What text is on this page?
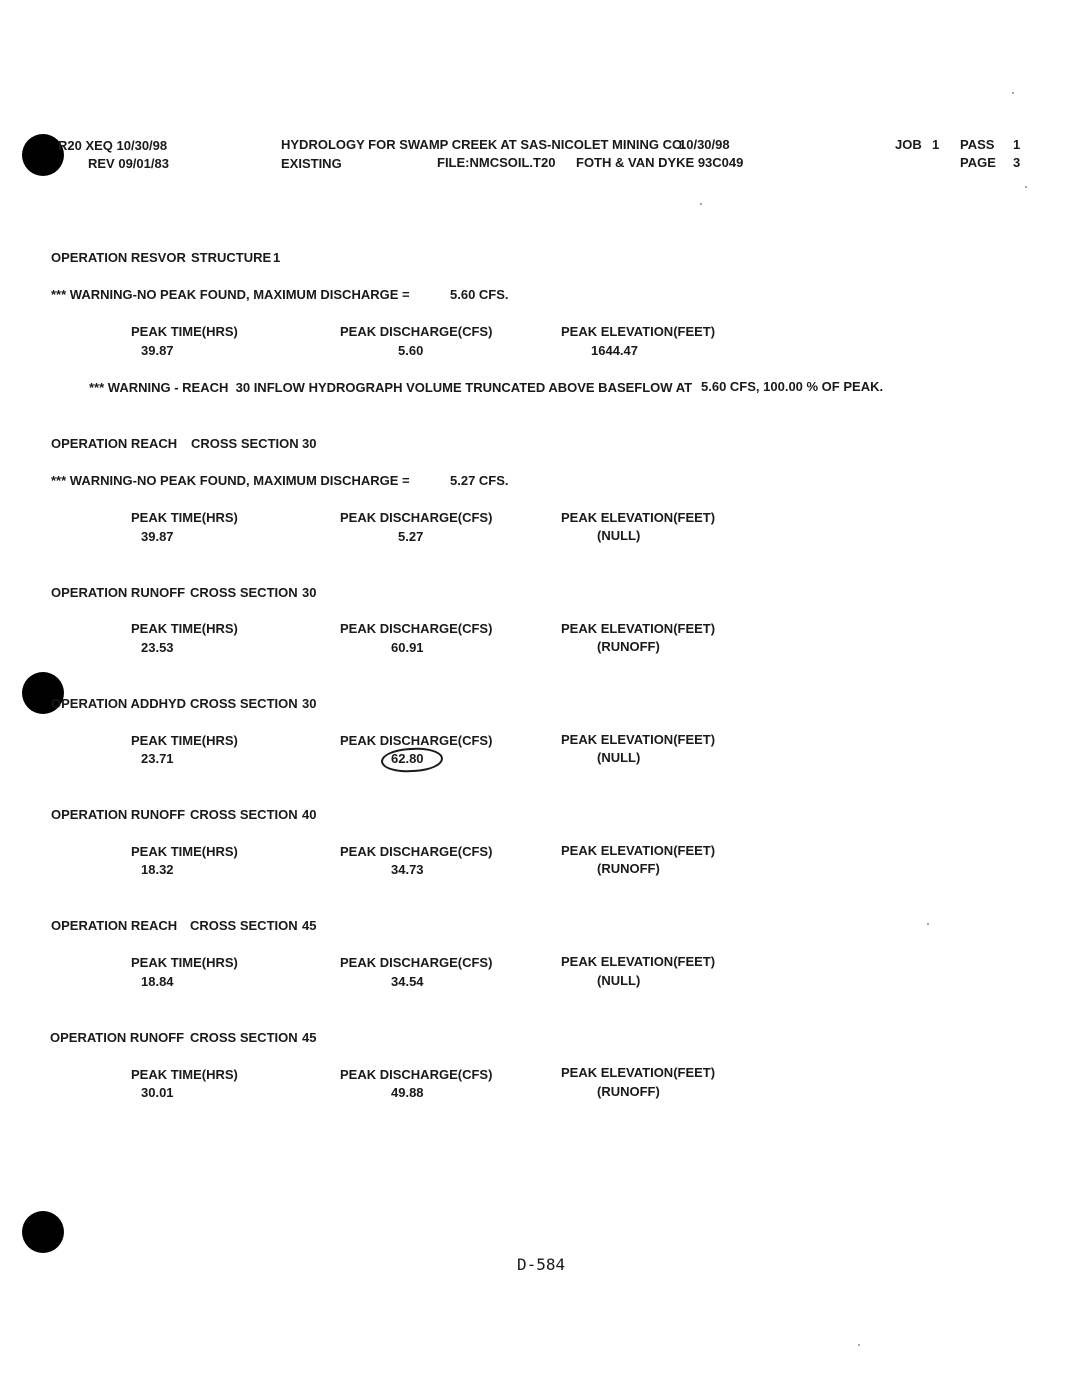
R20 XEQ 10/30/98
REV 09/01/83
HYDROLOGY FOR SWAMP CREEK AT SAS-NICOLET MINING CO.
10/30/98
EXISTING	FILE:NMCSOIL.T20 FOTH & VAN DYKE 93C049
JOB 1 PASS 1
PAGE 3
OPERATION RESVOR STRUCTURE 1
*** WARNING-NO PEAK FOUND, MAXIMUM DISCHARGE =	5.60 CFS.
PEAK TIME(HRS)	PEAK DISCHARGE(CFS)	PEAK ELEVATION(FEET)
39.87	5.60	1644.47
*** WARNING - REACH  30 INFLOW HYDROGRAPH VOLUME TRUNCATED ABOVE BASEFLOW AT 5.60 CFS, 100.00 % OF PEAK.
OPERATION REACH CROSS SECTION 30
*** WARNING-NO PEAK FOUND, MAXIMUM DISCHARGE =	5.27 CFS.
PEAK TIME(HRS)	PEAK DISCHARGE(CFS)	PEAK ELEVATION(FEET)
39.87	5.27	(NULL)
OPERATION RUNOFF CROSS SECTION 30
PEAK TIME(HRS)	PEAK DISCHARGE(CFS)	PEAK ELEVATION(FEET)
23.53	60.91	(RUNOFF)
OPERATION ADDHYD CROSS SECTION 30
PEAK TIME(HRS)	PEAK DISCHARGE(CFS)	PEAK ELEVATION(FEET)
23.71	62.80	(NULL)
OPERATION RUNOFF CROSS SECTION 40
PEAK TIME(HRS)	PEAK DISCHARGE(CFS)	PEAK ELEVATION(FEET)
18.32	34.73	(RUNOFF)
OPERATION REACH CROSS SECTION 45
PEAK TIME(HRS)	PEAK DISCHARGE(CFS)	PEAK ELEVATION(FEET)
18.84	34.54	(NULL)
OPERATION RUNOFF CROSS SECTION 45
PEAK TIME(HRS)	PEAK DISCHARGE(CFS)	PEAK ELEVATION(FEET)
30.01	49.88	(RUNOFF)
D-584
